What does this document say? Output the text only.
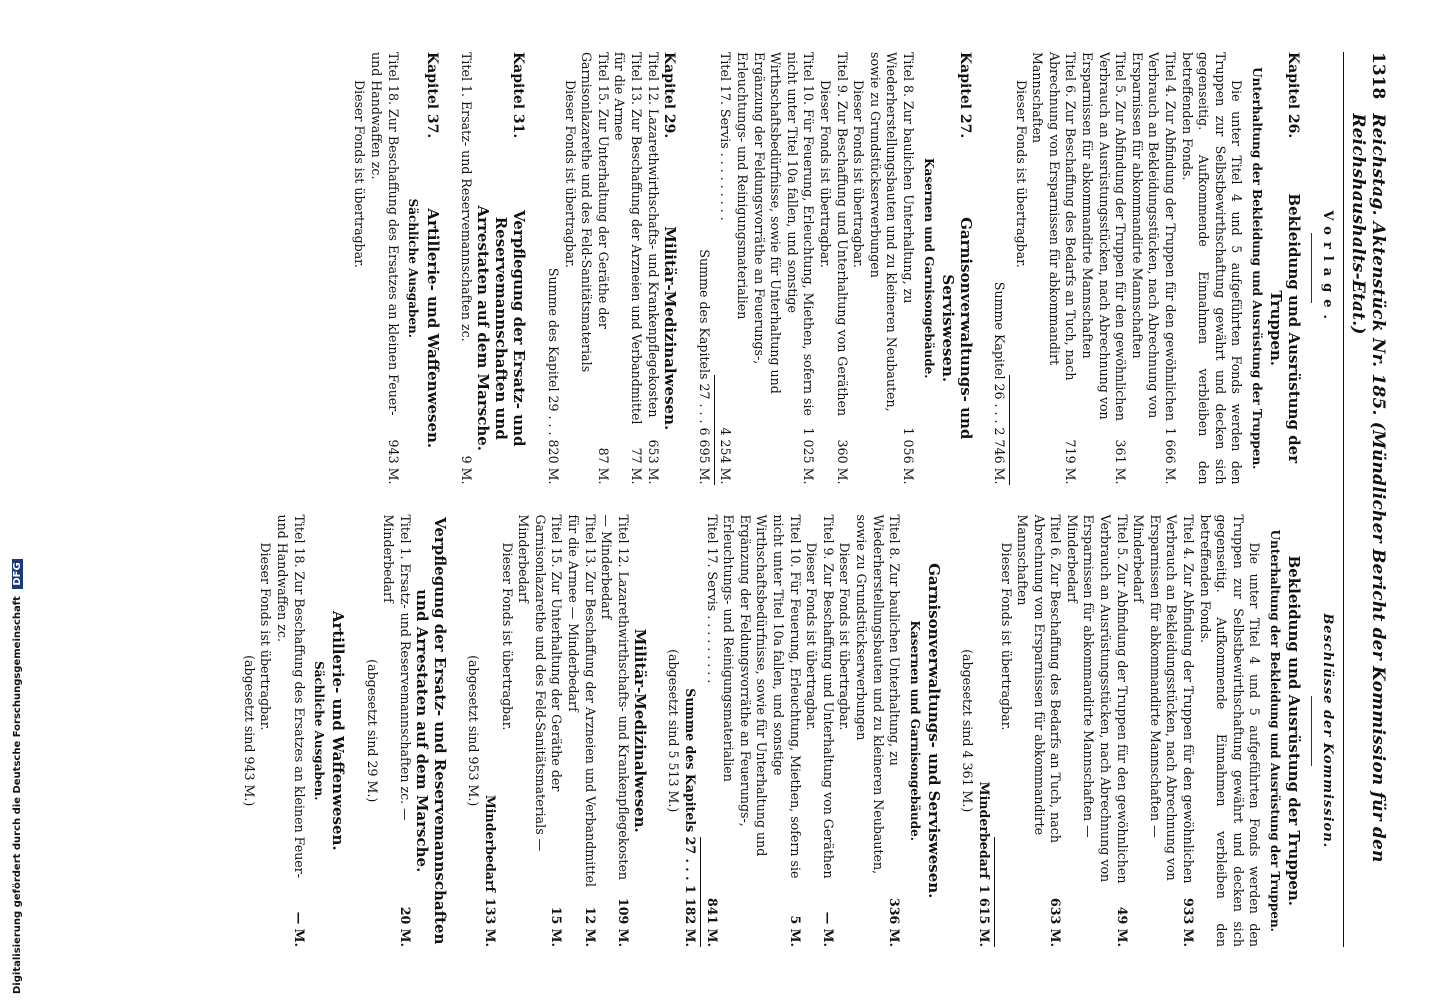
1318
Reichstag. Aktenstück Nr. 185. (Mündlicher Bericht der Kommission für den Reichshaushalts-Etat.)
Vorlage.
Kapitel 26.
Bekleidung und Ausrüstung der Truppen.
Unterhaltung der Bekleidung und Ausrüstung der Truppen.

Die unter Titel 4 und 5 aufgeführten Fonds werden den Truppen zur Selbstbewirthschaftung gewährt und decken sich gegenseitig. Aufkommende Einnahmen verbleiben den betreffenden Fonds.

Titel 4. Zur Abfindung der Truppen für den gewöhnlichen Verbrauch an Bekleidungsstücken, nach Abrechnung von Ersparnissen für abkommandirte Mannschaften
1 666 M.
Titel 5. Zur Abfindung der Truppen für den gewöhnlichen Verbrauch an Ausrüstungsstücken, nach Abrechnung von Ersparnissen für abkommandirte Mannschaften
361 M.
Titel 6. Zur Beschaffung des Bedarfs an Tuch, nach Abrechnung von Ersparnissen für abkommandirt Mannschaften
719 M.

Dieser Fonds ist übertragbar.

Summe Kapitel 26 . . . 2 746 M.
Kapitel 27.
Garnisonverwaltungs- und Serviswesen.
Kasernen und Garnisongebäude.
Titel 8. Zur baulichen Unterhaltung, zu Wiederherstellungsbauten und zu kleineren Neubauten, sowie zu Grundstückserwerbungen
1 056 M.

Dieser Fonds ist übertragbar.

Titel 9. Zur Beschaffung und Unterhaltung von Geräthen
360 M.

Dieser Fonds ist übertragbar.

Titel 10. Für Feuerung, Erleuchtung, Miethen, sofern sie nicht unter Titel 10a fallen, und sonstige Wirthschaftsbedürfnisse, sowie für Unterhaltung und Ergänzung der Feldungsvorräthe an Feuerungs-, Erleuchtungs- und Reinigungsmaterialien
1 025 M.
Titel 17. Servis . . . . . . . . .
4 254 M.
Summe des Kapitels 27 . . . 6 695 M.
Kapitel 29.
Militär-Medizinalwesen.
Titel 12. Lazarethwirthschafts- und Krankenpflegekosten
653 M.
Titel 13. Zur Beschaffung der Arzneien und Verbandmittel für die Armee
77 M.
Titel 15. Zur Unterhaltung der Geräthe der Garnisonlazarethe und des Feld-Sanitätsmaterials
87 M.

Dieser Fonds ist übertragbar.

Summe des Kapitel 29 . . . 820 M.
Kapitel 31.
Verpflegung der Ersatz- und Reservemannschaften und Arrestaten auf dem Marsche.
Titel 1. Ersatz- und Reservemannschaften zc.
9 M.
Kapitel 37.
Artillerie- und Waffenwesen.
Sächliche Ausgaben.
Titel 18. Zur Beschaffung des Ersatzes an kleinen Feuer- und Handwaffen zc.
943 M.

Dieser Fonds ist übertragbar.

Beschlüsse der Kommission.
Bekleidung und Ausrüstung der Truppen.
Unterhaltung der Bekleidung und Ausrüstung der Truppen.

Die unter Titel 4 und 5 aufgeführten Fonds werden den Truppen zur Selbstbewirthschaftung gewährt und decken sich gegenseitig. Aufkommende Einnahmen verbleiben den betreffenden Fonds.

Titel 4. Zur Abfindung der Truppen für den gewöhnlichen Verbrauch an Bekleidungsstücken, nach Abrechnung von Ersparnissen für abkommandirte Mannschaften — Minderbedarf
933 M.
Titel 5. Zur Abfindung der Truppen für den gewöhnlichen Verbrauch an Ausrüstungsstücken, nach Abrechnung von Ersparnissen für abkommandirte Mannschaften — Minderbedarf
49 M.
Titel 6. Zur Beschaffung des Bedarfs an Tuch, nach Abrechnung von Ersparnissen für abkommandirte Mannschaften
633 M.

Dieser Fonds ist übertragbar.

Minderbedarf
1 615 M.
(abgesetzt sind 4 361 M.)
Garnisonverwaltungs- und Serviswesen.
Kasernen und Garnisongebäude.
Titel 8. Zur baulichen Unterhaltung, zu Wiederherstellungsbauten und zu kleineren Neubauten, sowie zu Grundstückserwerbungen
336 M.

Dieser Fonds ist übertragbar.

Titel 9. Zur Beschaffung und Unterhaltung von Geräthen
— M.

Dieser Fonds ist übertragbar.

Titel 10. Für Feuerung, Erleuchtung, Miethen, sofern sie nicht unter Titel 10a fallen, und sonstige Wirthschaftsbedürfnisse, sowie für Unterhaltung und Ergänzung der Feldungsvorräthe an Feuerungs-, Erleuchtungs- und Reinigungsmaterialien
5 M.
Titel 17. Servis . . . . . . . . .
841 M.
Summe des Kapitels 27 . . . 1 182 M.
(abgesetzt sind 5 513 M.)
Militär-Medizinalwesen.
Titel 12. Lazarethwirthschafts- und Krankenpflegekosten — Minderbedarf
109 M.
Titel 13. Zur Beschaffung der Arzneien und Verbandmittel für die Armee — Minderbedarf
12 M.
Titel 15. Zur Unterhaltung der Geräthe der Garnisonlazarethe und des Feld-Sanitätsmaterials — Minderbedarf
15 M.

Dieser Fonds ist übertragbar.

Minderbedarf
133 M.
(abgesetzt sind 953 M.)
Verpflegung der Ersatz- und Reservemannschaften und Arrestaten auf dem Marsche.
Titel 1. Ersatz- und Reservemannschaften zc. — Minderbedarf
20 M.
(abgesetzt sind 29 M.)
Artillerie- und Waffenwesen.
Sächliche Ausgaben.
Titel 18. Zur Beschaffung des Ersatzes an kleinen Feuer- und Handwaffen zc.
— M.

Dieser Fonds ist übertragbar.

(abgesetzt sind 943 M.)
Digitalisierung gefördert durch die Deutsche Forschungsgemeinschaft DFG
